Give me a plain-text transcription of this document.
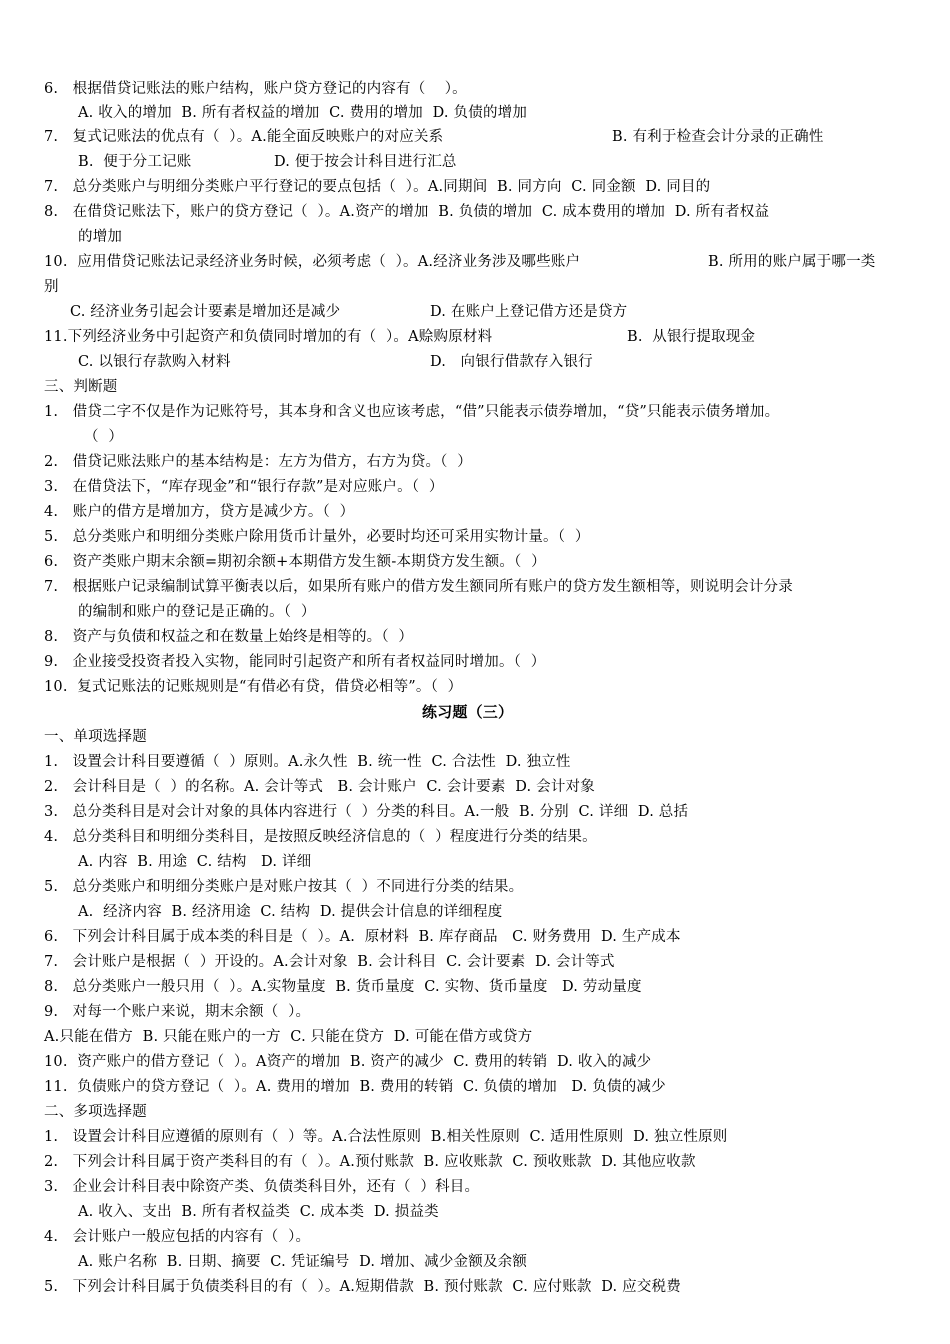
6.   根据借贷记账法的账户结构，账户贷方登记的内容有（    ）。
A. 收入的增加  B. 所有者权益的增加  C. 费用的增加  D. 负债的增加
7.   复式记账法的优点有（  ）。A.能全面反映账户的对应关系	B. 有利于检查会计分录的正确性
B.  便于分工记账	D. 便于按会计科目进行汇总
7.   总分类账户与明细分类账户平行登记的要点包括（  ）。A.同期间  B. 同方向  C. 同金额  D. 同目的
8.   在借贷记账法下，账户的贷方登记（  ）。A.资产的增加  B. 负债的增加  C. 成本费用的增加  D. 所有者权益
的增加
10.  应用借贷记账法记录经济业务时候，必须考虑（  ）。A.经济业务涉及哪些账户	B. 所用的账户属于哪一类
别
C. 经济业务引起会计要素是增加还是减少	D. 在账户上登记借方还是贷方
11.下列经济业务中引起资产和负债同时增加的有（  ）。A赊购原材料	B.  从银行提取现金
C. 以银行存款购入材料	D.   向银行借款存入银行
三、判断题
1.   借贷二字不仅是作为记账符号，其本身和含义也应该考虑，“借”只能表示债券增加，“贷”只能表示债务增加。
（  ）
2.   借贷记账法账户的基本结构是：左方为借方，右方为贷。（  ）
3.   在借贷法下，“库存现金”和“银行存款”是对应账户。（  ）
4.   账户的借方是增加方，贷方是减少方。（  ）
5.   总分类账户和明细分类账户除用货币计量外，必要时均还可采用实物计量。（  ）
6.   资产类账户期末余额=期初余额+本期借方发生额-本期贷方发生额。（  ）
7.   根据账户记录编制试算平衡表以后，如果所有账户的借方发生额同所有账户的贷方发生额相等，则说明会计分录
的编制和账户的登记是正确的。（  ）
8.   资产与负债和权益之和在数量上始终是相等的。（  ）
9.   企业接受投资者投入实物，能同时引起资产和所有者权益同时增加。（  ）
10.  复式记账法的记账规则是“有借必有贷，借贷必相等”。（  ）
练习题（三）
一、单项选择题
1.   设置会计科目要遵循（  ）原则。A.永久性  B. 统一性  C. 合法性  D. 独立性
2.   会计科目是（  ）的名称。A. 会计等式   B. 会计账户  C. 会计要素  D. 会计对象
3.   总分类科目是对会计对象的具体内容进行（  ）分类的科目。A.一般  B. 分别  C. 详细  D. 总括
4.   总分类科目和明细分类科目，是按照反映经济信息的（  ）程度进行分类的结果。
A. 内容  B. 用途  C. 结构   D. 详细
5.   总分类账户和明细分类账户是对账户按其（  ）不同进行分类的结果。
A.  经济内容  B. 经济用途  C. 结构  D. 提供会计信息的详细程度
6.   下列会计科目属于成本类的科目是（  ）。A.  原材料  B. 库存商品   C. 财务费用  D. 生产成本
7.   会计账户是根据（  ）开设的。A.会计对象  B. 会计科目  C. 会计要素  D. 会计等式
8.   总分类账户一般只用（  ）。A.实物量度  B. 货币量度  C. 实物、货币量度   D. 劳动量度
9.   对每一个账户来说，期末余额（  ）。
A.只能在借方  B. 只能在账户的一方  C. 只能在贷方  D. 可能在借方或贷方
10.  资产账户的借方登记（  ）。A资产的增加  B. 资产的减少  C. 费用的转销  D. 收入的减少
11.  负债账户的贷方登记（  ）。A. 费用的增加  B. 费用的转销  C. 负债的增加   D. 负债的减少
二、多项选择题
1.   设置会计科目应遵循的原则有（  ）等。A.合法性原则  B.相关性原则  C. 适用性原则  D. 独立性原则
2.   下列会计科目属于资产类科目的有（  ）。A.预付账款  B. 应收账款  C. 预收账款  D. 其他应收款
3.   企业会计科目表中除资产类、负债类科目外，还有（  ）科目。
A. 收入、支出  B. 所有者权益类  C. 成本类  D. 损益类
4.   会计账户一般应包括的内容有（  ）。
A. 账户名称  B. 日期、摘要  C. 凭证编号  D. 增加、减少金额及余额
5.   下列会计科目属于负债类科目的有（  ）。A.短期借款  B. 预付账款  C. 应付账款  D. 应交税费
